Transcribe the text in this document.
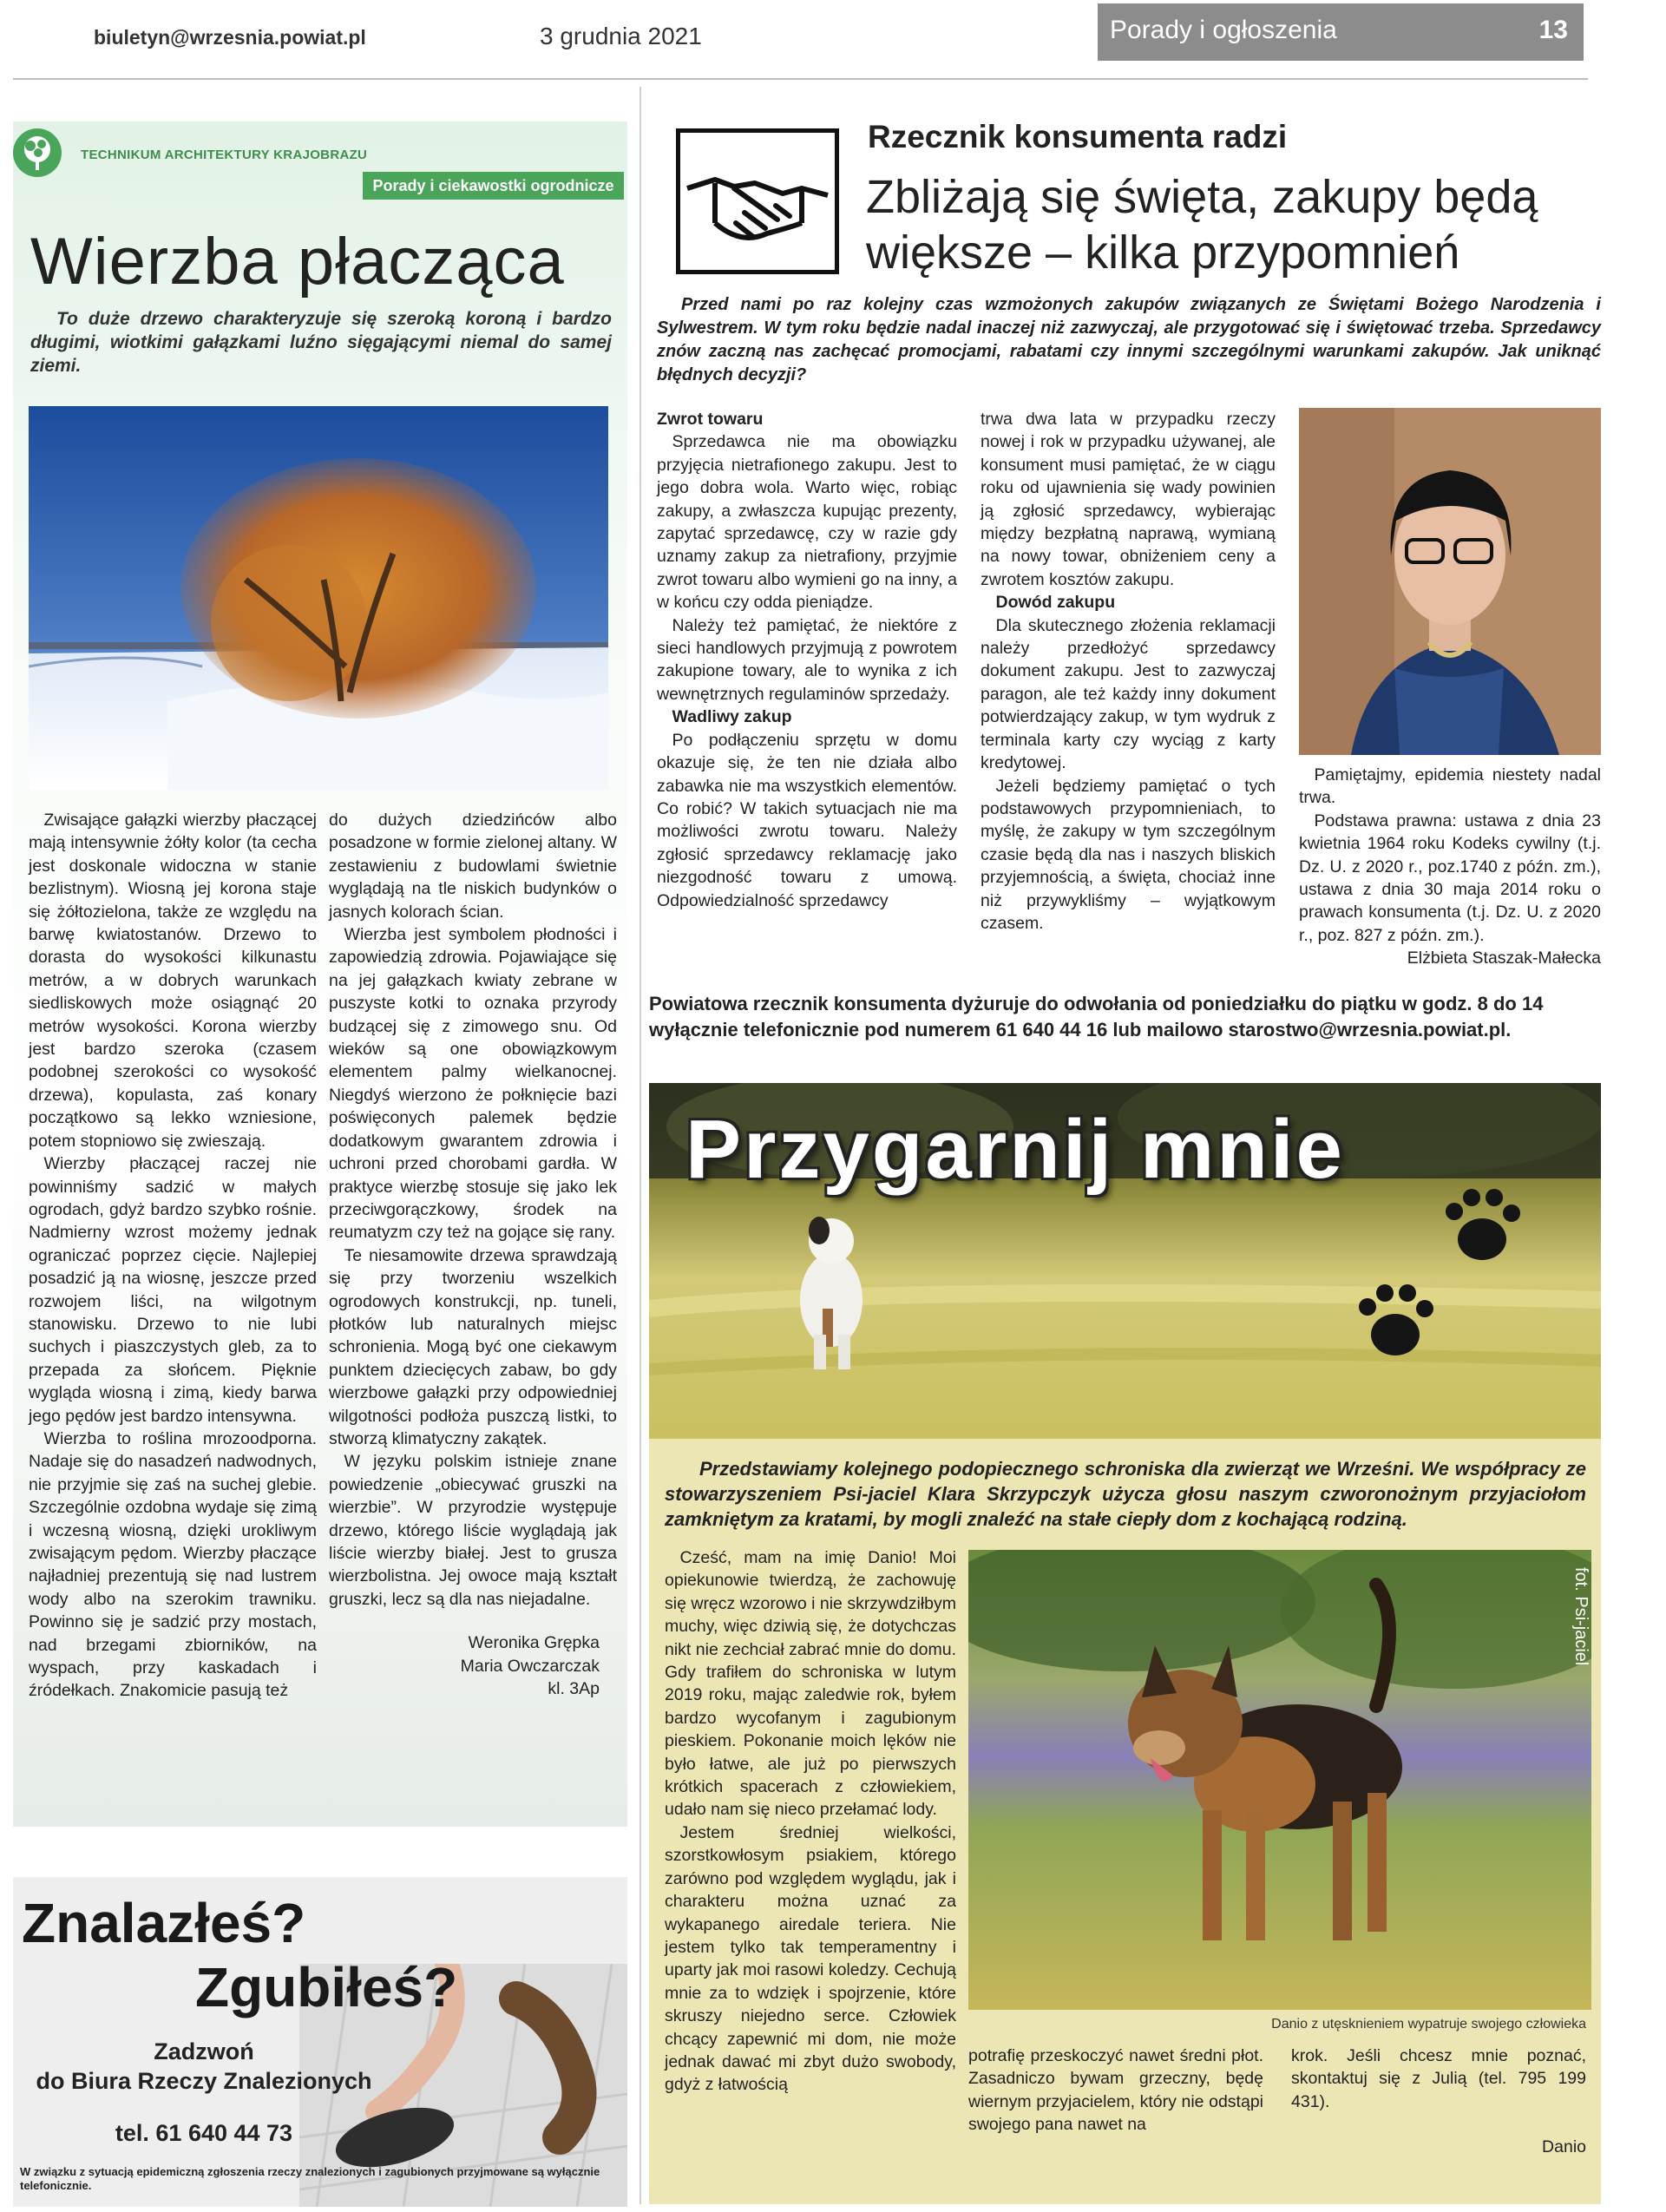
biuletyn@wrzesnia.powiat.pl	3 grudnia 2021	Porady i ogłoszenia	13
TECHNIKUM ARCHITEKTURY KRAJOBRAZU
Porady i ciekawostki ogrodnicze
Wierzba płacząca

To duże drzewo charakteryzuje się szeroką koroną i bardzo długimi, wiotkimi gałązkami luźno sięgającymi niemal do samej ziemi.

Zwisające gałązki wierzby płaczącej mają intensywnie żółty kolor (ta cecha jest doskonale widoczna w stanie bezlistnym). Wiosną jej korona staje się żółtozielona, także ze względu na barwę kwiatostanów. Drzewo to dorasta do wysokości kilkunastu metrów, a w dobrych warunkach siedliskowych może osiągnąć 20 metrów wysokości. Korona wierzby jest bardzo szeroka (czasem podobnej szerokości co wysokość drzewa), kopulasta, zaś konary początkowo są lekko wzniesione, potem stopniowo się zwieszają.

Wierzby płaczącej raczej nie powinniśmy sadzić w małych ogrodach, gdyż bardzo szybko rośnie. Nadmierny wzrost możemy jednak ograniczać poprzez cięcie. Najlepiej posadzić ją na wiosnę, jeszcze przed rozwojem liści, na wilgotnym stanowisku. Drzewo to nie lubi suchych i piaszczystych gleb, za to przepada za słońcem. Pięknie wygląda wiosną i zimą, kiedy barwa jego pędów jest bardzo intensywna.

Wierzba to roślina mrozoodporna. Nadaje się do nasadzeń nadwodnych, nie przyjmie się zaś na suchej glebie. Szczególnie ozdobna wydaje się zimą i wczesną wiosną, dzięki urokliwym zwisającym pędom. Wierzby płaczące najładniej prezentują się nad lustrem wody albo na szerokim trawniku. Powinno się je sadzić przy mostach, nad brzegami zbiorników, na wyspach, przy kaskadach i źródełkach. Znakomicie pasują też

do dużych dziedzińców albo posadzone w formie zielonej altany. W zestawieniu z budowlami świetnie wyglądają na tle niskich budynków o jasnych kolorach ścian.

Wierzba jest symbolem płodności i zapowiedzią zdrowia. Pojawiające się na jej gałązkach kwiaty zebrane w puszyste kotki to oznaka przyrody budzącej się z zimowego snu. Od wieków są one obowiązkowym elementem palmy wielkanocnej. Niegdyś wierzono że połknięcie bazi poświęconych palemek będzie dodatkowym gwarantem zdrowia i uchroni przed chorobami gardła. W praktyce wierzbę stosuje się jako lek przeciwgorączkowy, środek na reumatyzm czy też na gojące się rany.

Te niesamowite drzewa sprawdzają się przy tworzeniu wszelkich ogrodowych konstrukcji, np. tuneli, płotków lub naturalnych miejsc schronienia. Mogą być one ciekawym punktem dziecięcych zabaw, bo gdy wierzbowe gałązki przy odpowiedniej wilgotności podłoża puszczą listki, to stworzą klimatyczny zakątek.

W języku polskim istnieje znane powiedzenie „obiecywać gruszki na wierzbie”. W przyrodzie występuje drzewo, którego liście wyglądają jak liście wierzby białej. Jest to grusza wierzbolistna. Jej owoce mają kształt gruszki, lecz są dla nas niejadalne.

Weronika Grępka
Maria Owczarczak
kl. 3Ap
Znalazłeś?
Zgubiłeś?
Zadzwoń
do Biura Rzeczy Znalezionych
tel. 61 640 44 73
W związku z sytuacją epidemiczną zgłoszenia rzeczy znalezionych i zagubionych przyjmowane są wyłącznie telefonicznie.
Rzecznik konsumenta radzi
Zbliżają się święta, zakupy będą
większe – kilka przypomnień

Przed nami po raz kolejny czas wzmożonych zakupów związanych ze Świętami Bożego Narodzenia i Sylwestrem. W tym roku będzie nadal inaczej niż zazwyczaj, ale przygotować się i świętować trzeba. Sprzedawcy znów zaczną nas zachęcać promocjami, rabatami czy innymi szczególnymi warunkami zakupów. Jak uniknąć błędnych decyzji?

Zwrot towaru

Sprzedawca nie ma obowiązku przyjęcia nietrafionego zakupu. Jest to jego dobra wola. Warto więc, robiąc zakupy, a zwłaszcza kupując prezenty, zapytać sprzedawcę, czy w razie gdy uznamy zakup za nietrafiony, przyjmie zwrot towaru albo wymieni go na inny, a w końcu czy odda pieniądze.

Należy też pamiętać, że niektóre z sieci handlowych przyjmują z powrotem zakupione towary, ale to wynika z ich wewnętrznych regulaminów sprzedaży.

Wadliwy zakup

Po podłączeniu sprzętu w domu okazuje się, że ten nie działa albo zabawka nie ma wszystkich elementów. Co robić? W takich sytuacjach nie ma możliwości zwrotu towaru. Należy zgłosić sprzedawcy reklamację jako niezgodność towaru z umową. Odpowiedzialność sprzedawcy

trwa dwa lata w przypadku rzeczy nowej i rok w przypadku używanej, ale konsument musi pamiętać, że w ciągu roku od ujawnienia się wady powinien ją zgłosić sprzedawcy, wybierając między bezpłatną naprawą, wymianą na nowy towar, obniżeniem ceny a zwrotem kosztów zakupu.

Dowód zakupu

Dla skutecznego złożenia reklamacji należy przedłożyć sprzedawcy dokument zakupu. Jest to zazwyczaj paragon, ale też każdy inny dokument potwierdzający zakup, w tym wydruk z terminala karty czy wyciąg z karty kredytowej.

Jeżeli będziemy pamiętać o tych podstawowych przypomnieniach, to myślę, że zakupy w tym szczególnym czasie będą dla nas i naszych bliskich przyjemnością, a święta, chociaż inne niż przywykliśmy – wyjątkowym czasem.

Pamiętajmy, epidemia niestety nadal trwa.

Podstawa prawna: ustawa z dnia 23 kwietnia 1964 roku Kodeks cywilny (t.j. Dz. U. z 2020 r., poz.1740 z późn. zm.), ustawa z dnia 30 maja 2014 roku o prawach konsumenta (t.j. Dz. U. z 2020 r., poz. 827 z późn. zm.).

Elżbieta Staszak-Małecka

Powiatowa rzecznik konsumenta dyżuruje do odwołania od poniedziałku do piątku w godz. 8 do 14 wyłącznie telefonicznie pod numerem 61 640 44 16 lub mailowo starostwo@wrzesnia.powiat.pl.

Przygarnij mnie

Przedstawiamy kolejnego podopiecznego schroniska dla zwierząt we Wrześni. We współpracy ze stowarzyszeniem Psi-jaciel Klara Skrzypczyk użycza głosu naszym czworonożnym przyjaciołom zamkniętym za kratami, by mogli znaleźć na stałe ciepły dom z kochającą rodziną.

Cześć, mam na imię Danio! Moi opiekunowie twierdzą, że zachowuję się wręcz wzorowo i nie skrzywdziłbym muchy, więc dziwią się, że dotychczas nikt nie zechciał zabrać mnie do domu. Gdy trafiłem do schroniska w lutym 2019 roku, mając zaledwie rok, byłem bardzo wycofanym i zagubionym pieskiem. Pokonanie moich lęków nie było łatwe, ale już po pierwszych krótkich spacerach z człowiekiem, udało nam się nieco przełamać lody.

Jestem średniej wielkości, szorstkowłosym psiakiem, którego zarówno pod względem wyglądu, jak i charakteru można uznać za wykapanego airedale teriera. Nie jestem tylko tak temperamentny i uparty jak moi rasowi koledzy. Cechują mnie za to wdzięk i spojrzenie, które skruszy niejedno serce. Człowiek chcący zapewnić mi dom, nie może jednak dawać mi zbyt dużo swobody, gdyż z łatwością

fot. Psi-jaciel
Danio z utęsknieniem wypatruje swojego człowieka

potrafię przeskoczyć nawet średni płot. Zasadniczo bywam grzeczny, będę wiernym przyjacielem, który nie odstąpi swojego pana nawet na

krok. Jeśli chcesz mnie poznać, skontaktuj się z Julią (tel. 795 199 431).

Danio
